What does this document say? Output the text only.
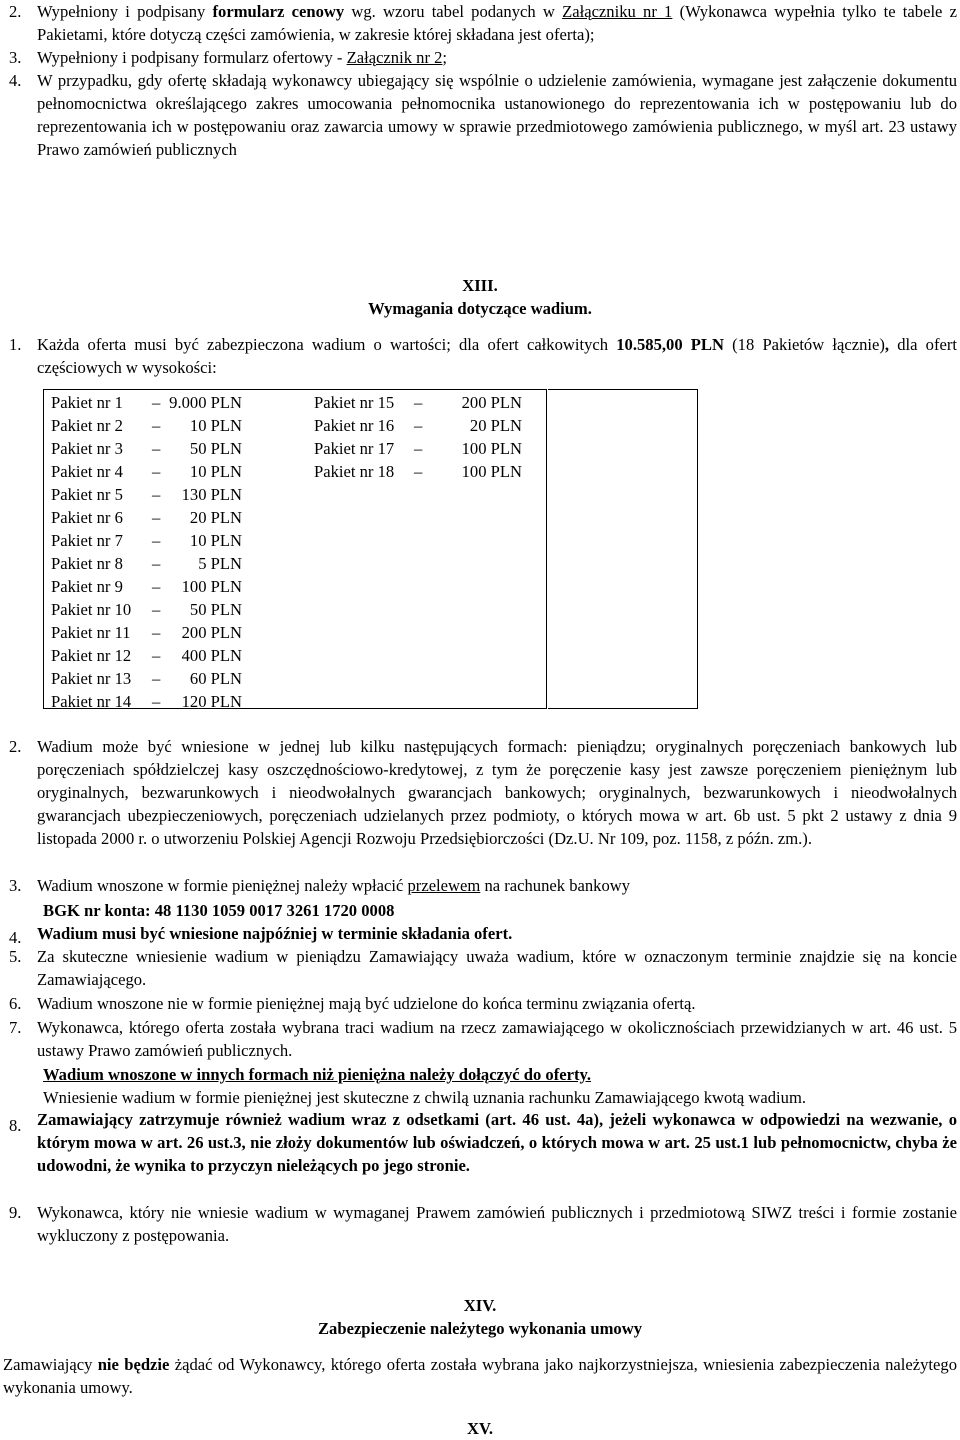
2. Wypełniony i podpisany formularz cenowy wg. wzoru tabel podanych w Załączniku nr 1 (Wykonawca wypełnia tylko te tabele z Pakietami, które dotyczą części zamówienia, w zakresie której składana jest oferta);
3. Wypełniony i podpisany formularz ofertowy - Załącznik nr 2;
4. W przypadku, gdy ofertę składają wykonawcy ubiegający się wspólnie o udzielenie zamówienia, wymagane jest załączenie dokumentu pełnomocnictwa określającego zakres umocowania pełnomocnika ustanowionego do reprezentowania ich w postępowaniu lub do reprezentowania ich w postępowaniu oraz zawarcia umowy w sprawie przedmiotowego zamówienia publicznego, w myśl art. 23 ustawy Prawo zamówień publicznych
XIII.
Wymagania dotyczące wadium.
1. Każda oferta musi być zabezpieczona wadium o wartości; dla ofert całkowitych 10.585,00 PLN (18 Pakietów łącznie), dla ofert częściowych w wysokości:
Pakiet nr 1 – 9.000 PLN
Pakiet nr 2 – 10 PLN
Pakiet nr 3 – 50 PLN
Pakiet nr 4 – 10 PLN
Pakiet nr 5 – 130 PLN
Pakiet nr 6 – 20 PLN
Pakiet nr 7 – 10 PLN
Pakiet nr 8 – 5 PLN
Pakiet nr 9 – 100 PLN
Pakiet nr 10 – 50 PLN
Pakiet nr 11 – 200 PLN
Pakiet nr 12 – 400 PLN
Pakiet nr 13 – 60 PLN
Pakiet nr 14 – 120 PLN
Pakiet nr 15 – 200 PLN
Pakiet nr 16 –	20 PLN
Pakiet nr 17 – 100 PLN
Pakiet nr 18 – 100 PLN
2. Wadium może być wniesione w jednej lub kilku następujących formach: pieniądzu; oryginalnych poręczeniach bankowych lub poręczeniach spółdzielczej kasy oszczędnościowo-kredytowej, z tym że poręczenie kasy jest zawsze poręczeniem pieniężnym lub oryginalnych, bezwarunkowych i nieodwołalnych gwarancjach bankowych; oryginalnych, bezwarunkowych i nieodwołalnych gwarancjach ubezpieczeniowych, poręczeniach udzielanych przez podmioty, o których mowa w art. 6b ust. 5 pkt 2 ustawy z dnia 9 listopada 2000 r. o utworzeniu Polskiej Agencji Rozwoju Przedsiębiorczości (Dz.U. Nr 109, poz. 1158, z późn. zm.).
3. Wadium wnoszone w formie pieniężnej należy wpłacić przelewem na rachunek bankowy
BGK nr konta: 48 1130 1059 0017 3261 1720 0008
4. Wadium musi być wniesione najpóźniej w terminie składania ofert.
5. Za skuteczne wniesienie wadium w pieniądzu Zamawiający uważa wadium, które w oznaczonym terminie znajdzie się na koncie Zamawiającego.
6. Wadium wnoszone nie w formie pieniężnej mają być udzielone do końca terminu związania ofertą.
7. Wykonawca, którego oferta została wybrana traci wadium na rzecz zamawiającego w okolicznościach przewidzianych w art. 46 ust. 5 ustawy Prawo zamówień publicznych.
Wadium wnoszone w innych formach niż pieniężna należy dołączyć do oferty.
Wniesienie wadium w formie pieniężnej jest skuteczne z chwilą uznania rachunku Zamawiającego kwotą wadium.
8. Zamawiający zatrzymuje również wadium wraz z odsetkami (art. 46 ust. 4a), jeżeli wykonawca w odpowiedzi na wezwanie, o którym mowa w art. 26 ust.3, nie złoży dokumentów lub oświadczeń, o których mowa w art. 25 ust.1 lub pełnomocnictw, chyba że udowodni, że wynika to przyczyn nieleżących po jego stronie.
9. Wykonawca, który nie wniesie wadium w wymaganej Prawem zamówień publicznych i przedmiotową SIWZ treści i formie zostanie wykluczony z postępowania.
XIV.
Zabezpieczenie należytego wykonania umowy
Zamawiający nie będzie żądać od Wykonawcy, którego oferta została wybrana jako najkorzystniejsza, wniesienia zabezpieczenia należytego wykonania umowy.
XV.
